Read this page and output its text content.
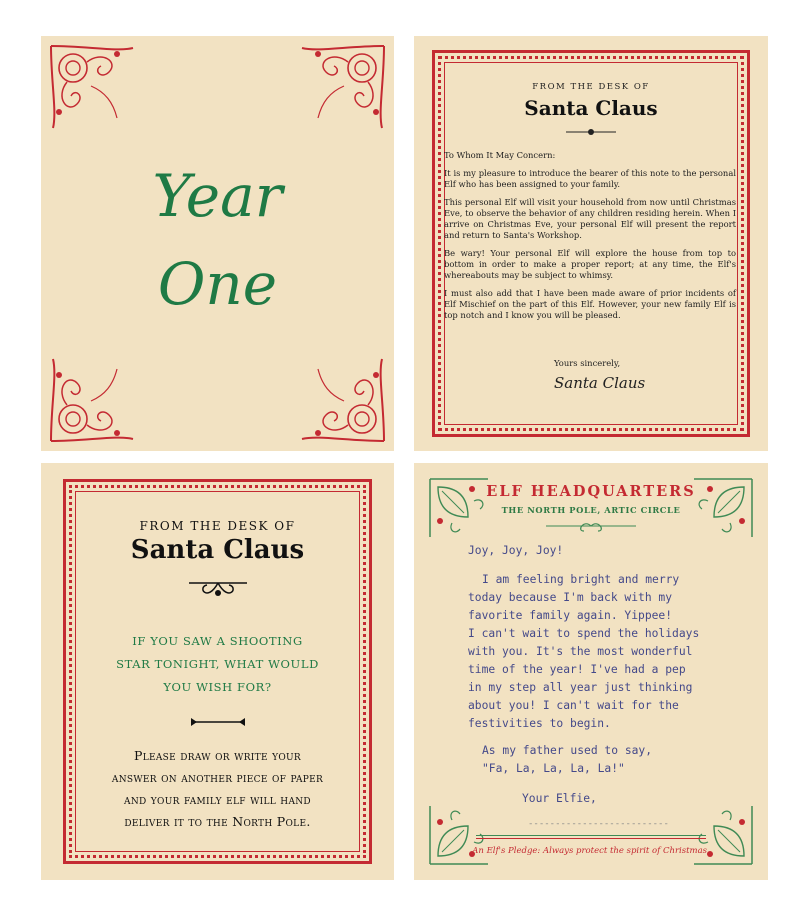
Year
One
FROM THE DESK OF
Santa Claus

To Whom It May Concern:

It is my pleasure to introduce the bearer of this note to the personal Elf who has been assigned to your family.

This personal Elf will visit your household from now until Christmas Eve, to observe the behavior of any children residing herein. When I arrive on Christmas Eve, your personal Elf will present the report and return to Santa's Workshop.

Be wary! Your personal Elf will explore the house from top to bottom in order to make a proper report; at any time, the Elf's whereabouts may be subject to whimsy.

I must also add that I have been made aware of prior incidents of Elf Mischief on the part of this Elf. However, your new family Elf is top notch and I know you will be pleased.

Yours sincerely,
Santa Claus
FROM THE DESK OF
Santa Claus
IF YOU SAW A SHOOTING
STAR TONIGHT, WHAT WOULD
YOU WISH FOR?
Please draw or write your
answer on another piece of paper
and your family elf will hand
deliver it to the North Pole.
ELF HEADQUARTERS
THE NORTH POLE, ARTIC CIRCLE
Joy, Joy, Joy!
I am feeling bright and merry
today because I'm back with my
favorite family again. Yippee!
I can't wait to spend the holidays
with you. It's the most wonderful
time of the year! I've had a pep
in my step all year just thinking
about you! I can't wait for the
festivities to begin.
As my father used to say,
"Fa, La, La, La, La!"
Your Elfie,
--------------------------
An Elf's Pledge: Always protect the spirit of Christmas.
